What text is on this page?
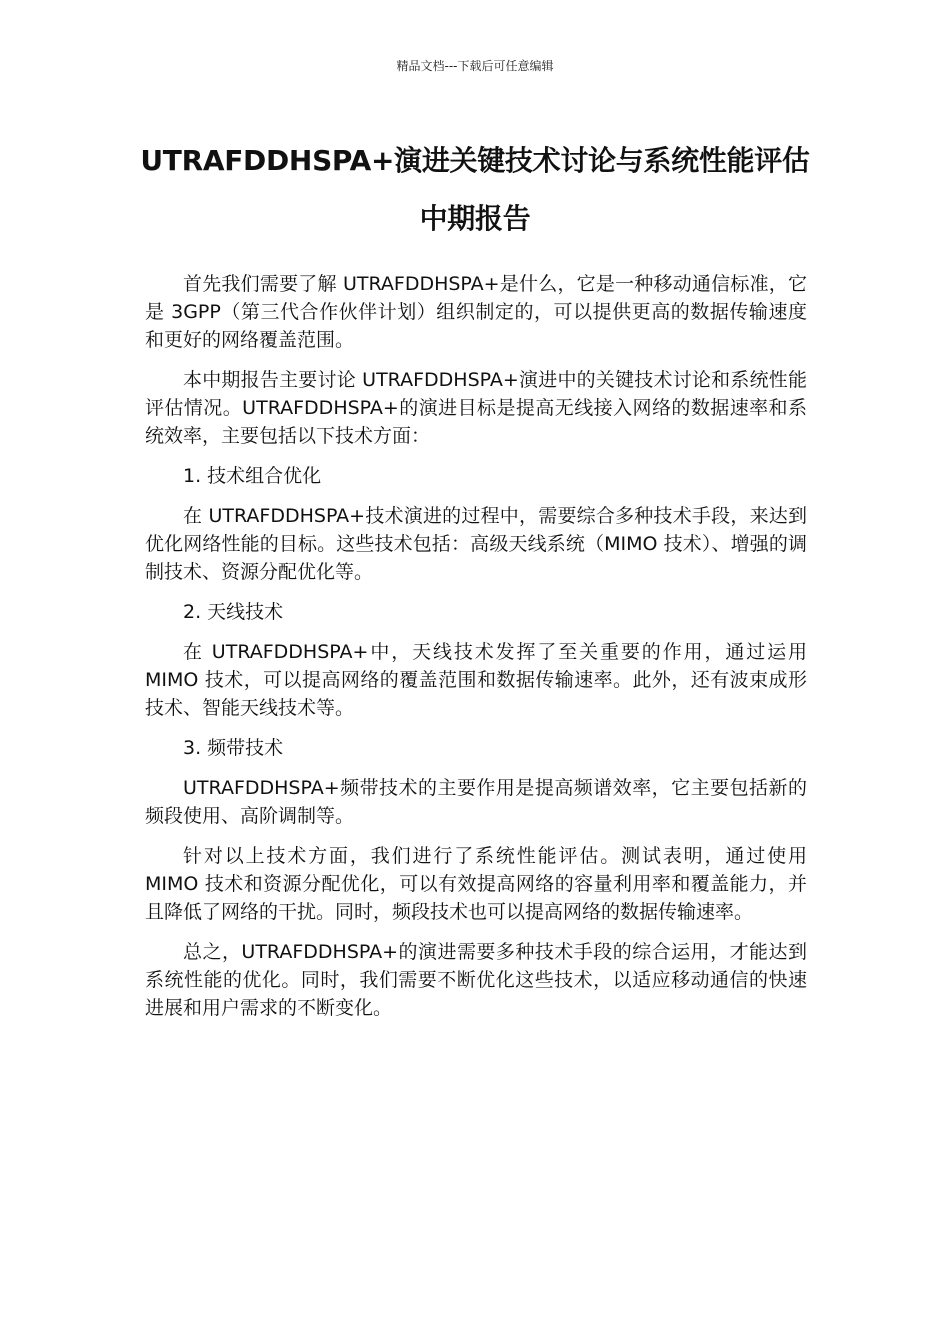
精品文档---下载后可任意编辑
UTRAFDDHSPA+演进关键技术讨论与系统性能评估中期报告

首先我们需要了解 UTRAFDDHSPA+是什么，它是一种移动通信标准，它是 3GPP（第三代合作伙伴计划）组织制定的，可以提供更高的数据传输速度和更好的网络覆盖范围。

本中期报告主要讨论 UTRAFDDHSPA+演进中的关键技术讨论和系统性能评估情况。UTRAFDDHSPA+的演进目标是提高无线接入网络的数据速率和系统效率，主要包括以下技术方面：

1. 技术组合优化

在 UTRAFDDHSPA+技术演进的过程中，需要综合多种技术手段，来达到优化网络性能的目标。这些技术包括：高级天线系统（MIMO 技术）、增强的调制技术、资源分配优化等。

2. 天线技术

在 UTRAFDDHSPA+中，天线技术发挥了至关重要的作用，通过运用 MIMO 技术，可以提高网络的覆盖范围和数据传输速率。此外，还有波束成形技术、智能天线技术等。

3. 频带技术

UTRAFDDHSPA+频带技术的主要作用是提高频谱效率，它主要包括新的频段使用、高阶调制等。

针对以上技术方面，我们进行了系统性能评估。测试表明，通过使用 MIMO 技术和资源分配优化，可以有效提高网络的容量利用率和覆盖能力，并且降低了网络的干扰。同时，频段技术也可以提高网络的数据传输速率。

总之，UTRAFDDHSPA+的演进需要多种技术手段的综合运用，才能达到系统性能的优化。同时，我们需要不断优化这些技术，以适应移动通信的快速进展和用户需求的不断变化。
